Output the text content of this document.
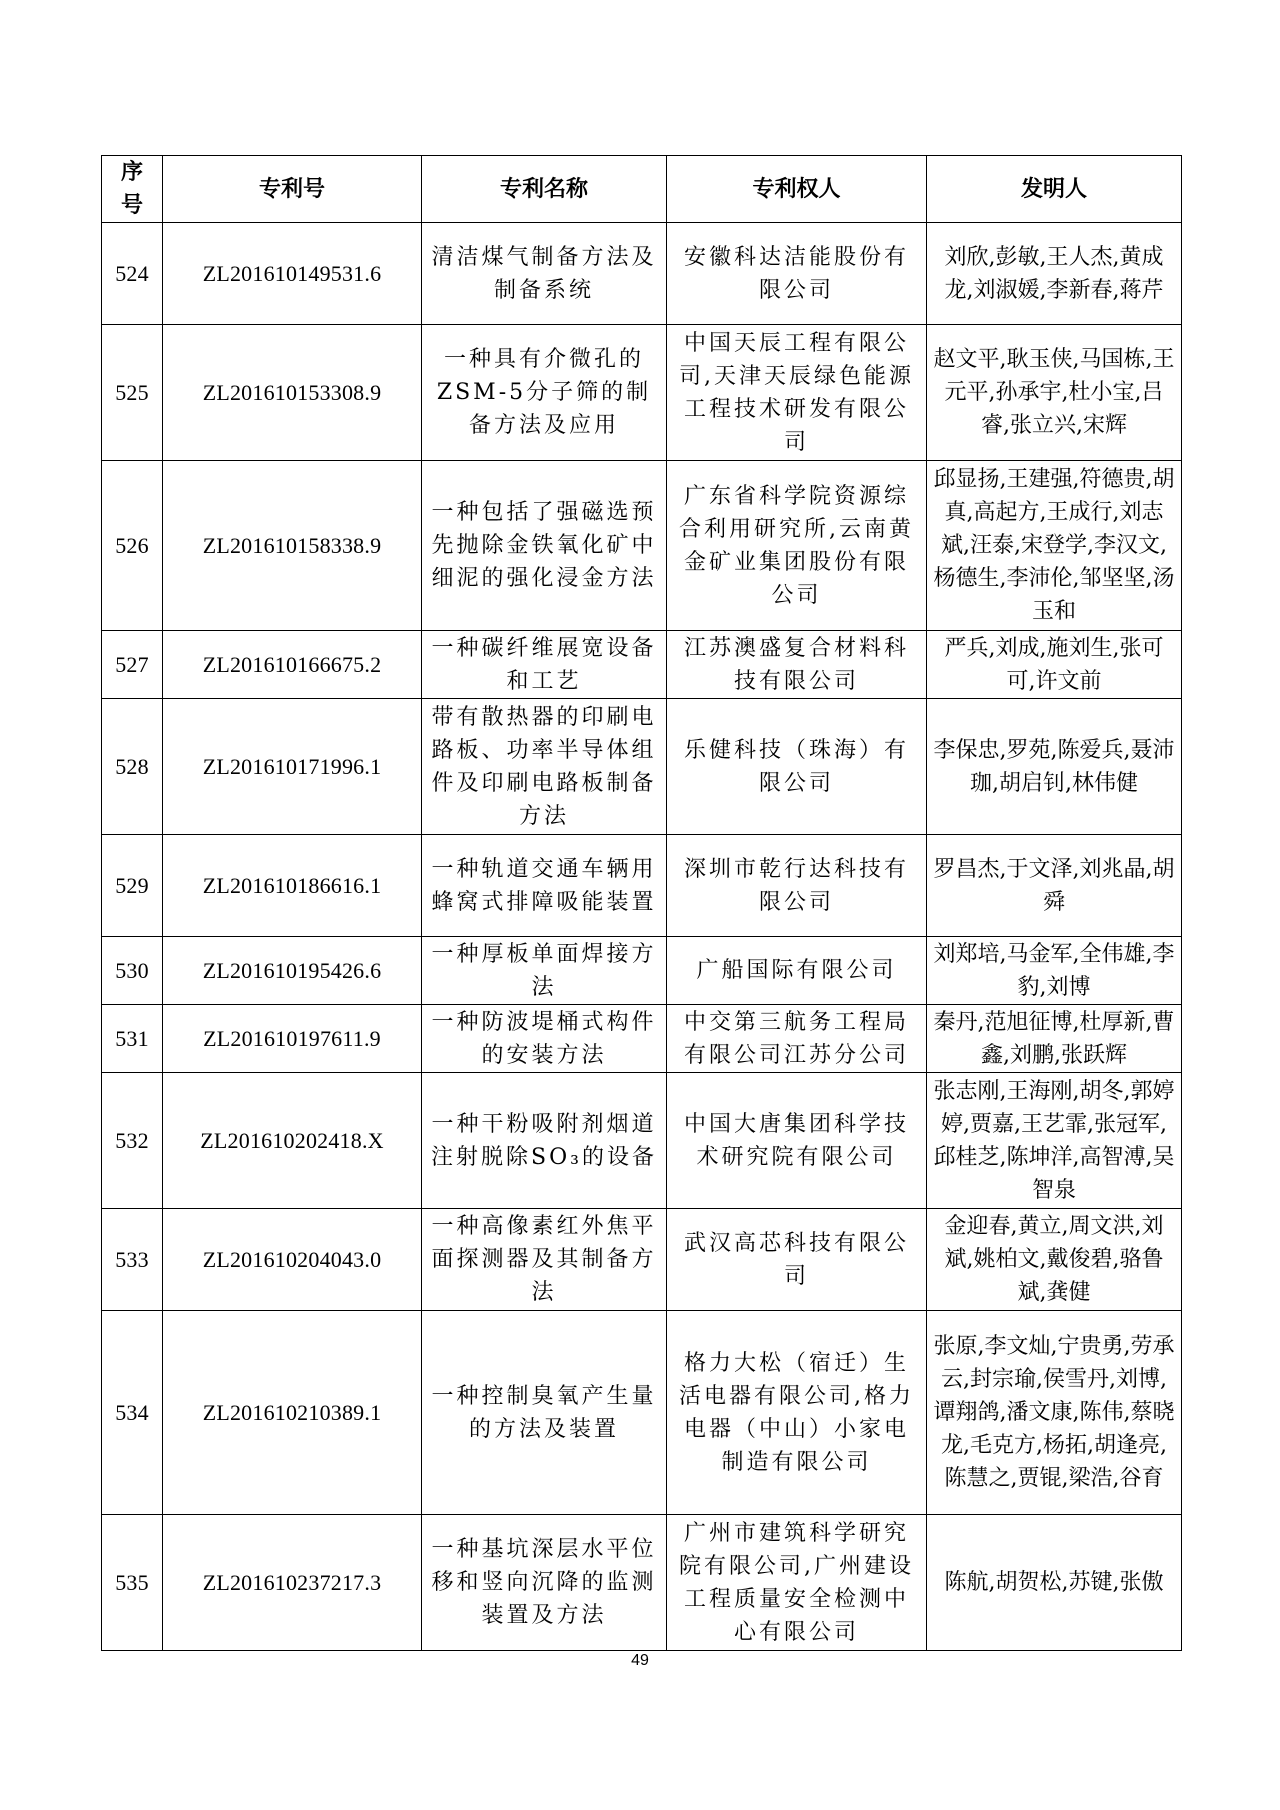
序
号	专利号	专利名称	专利权人	发明人
524	ZL201610149531.6	清洁煤气制备方法及制备系统	安徽科达洁能股份有限公司	刘欣,彭敏,王人杰,黄成龙,刘淑媛,李新春,蒋芹
525	ZL201610153308.9	一种具有介微孔的ZSM-5分子筛的制备方法及应用	中国天辰工程有限公司,天津天辰绿色能源工程技术研发有限公司	赵文平,耿玉侠,马国栋,王元平,孙承宇,杜小宝,吕睿,张立兴,宋辉
526	ZL201610158338.9	一种包括了强磁选预先抛除金铁氧化矿中细泥的强化浸金方法	广东省科学院资源综合利用研究所,云南黄金矿业集团股份有限公司	邱显扬,王建强,符德贵,胡真,高起方,王成行,刘志斌,汪泰,宋登学,李汉文,杨德生,李沛伦,邹坚坚,汤玉和
527	ZL201610166675.2	一种碳纤维展宽设备和工艺	江苏澳盛复合材料科技有限公司	严兵,刘成,施刘生,张可可,许文前
528	ZL201610171996.1	带有散热器的印刷电路板、功率半导体组件及印刷电路板制备方法	乐健科技（珠海）有限公司	李保忠,罗苑,陈爱兵,聂沛珈,胡启钊,林伟健
529	ZL201610186616.1	一种轨道交通车辆用蜂窝式排障吸能装置	深圳市乾行达科技有限公司	罗昌杰,于文泽,刘兆晶,胡舜
530	ZL201610195426.6	一种厚板单面焊接方法	广船国际有限公司	刘郑培,马金军,全伟雄,李豹,刘博
531	ZL201610197611.9	一种防波堤桶式构件的安装方法	中交第三航务工程局有限公司江苏分公司	秦丹,范旭征博,杜厚新,曹鑫,刘鹏,张跃辉
532	ZL201610202418.X	一种干粉吸附剂烟道注射脱除SO₃的设备	中国大唐集团科学技术研究院有限公司	张志刚,王海刚,胡冬,郭婷婷,贾嘉,王艺霏,张冠军,邱桂芝,陈坤洋,高智溥,吴智泉
533	ZL201610204043.0	一种高像素红外焦平面探测器及其制备方法	武汉高芯科技有限公司	金迎春,黄立,周文洪,刘斌,姚柏文,戴俊碧,骆鲁斌,龚健
534	ZL201610210389.1	一种控制臭氧产生量的方法及装置	格力大松（宿迁）生活电器有限公司,格力电器（中山）小家电制造有限公司	张原,李文灿,宁贵勇,劳承云,封宗瑜,侯雪丹,刘博,谭翔鸽,潘文康,陈伟,蔡晓龙,毛克方,杨拓,胡逢亮,陈慧之,贾锟,梁浩,谷育
535	ZL201610237217.3	一种基坑深层水平位移和竖向沉降的监测装置及方法	广州市建筑科学研究院有限公司,广州建设工程质量安全检测中心有限公司	陈航,胡贺松,苏键,张傲
49
